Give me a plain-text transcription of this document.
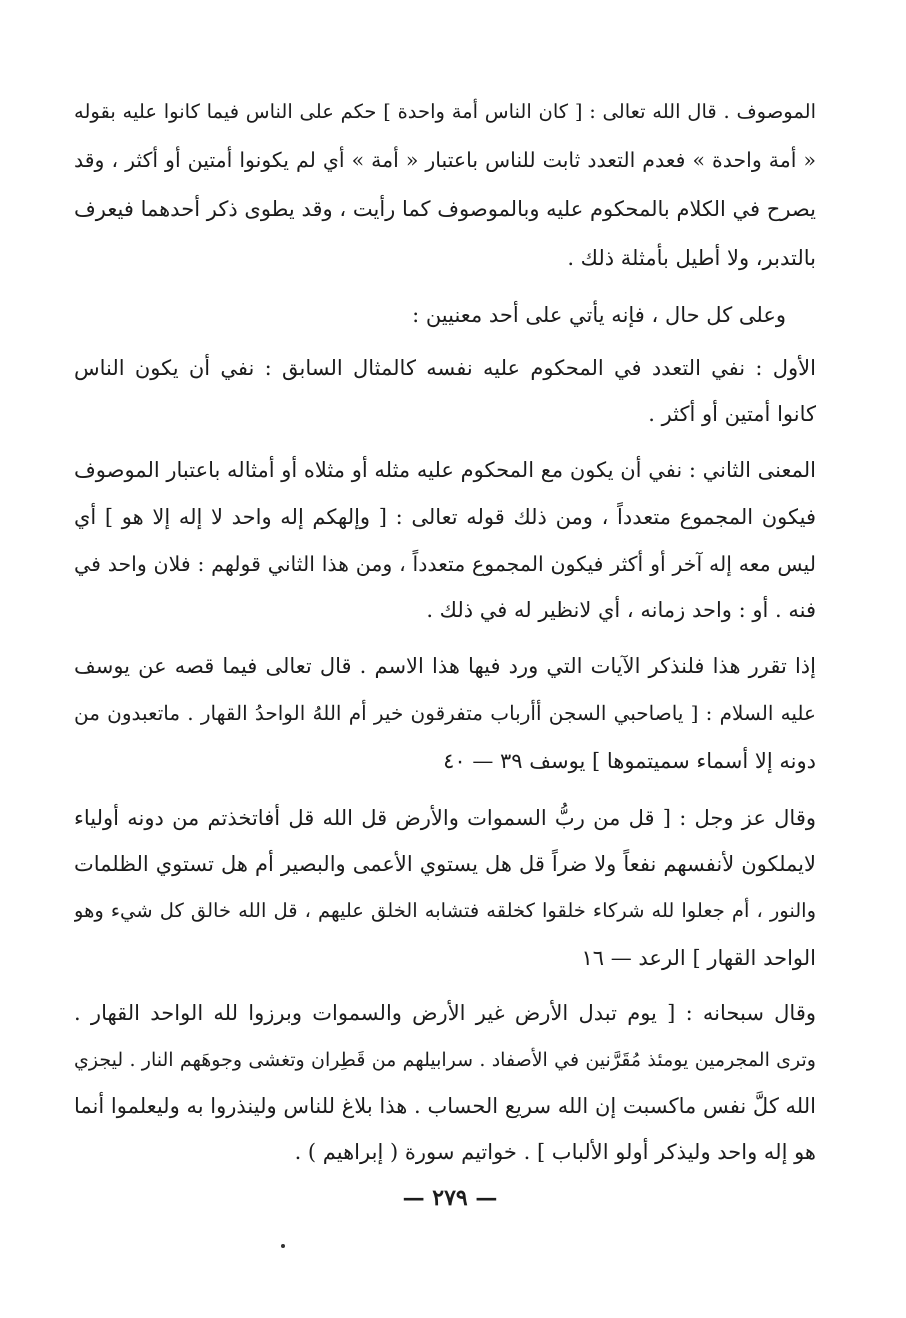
الموصوف . قال الله تعالى : [ كان الناس أمة واحدة ] حكم على الناس فيما كانوا عليه بقوله
« أمة واحدة » فعدم التعدد ثابت للناس باعتبار « أمة » أي لم يكونوا أمتين أو أكثر ، وقد
يصرح في الكلام بالمحكوم عليه وبالموصوف كما رأيت ، وقد يطوى ذكر أحدهما فيعرف
بالتدبر، ولا أطيل بأمثلة ذلك .
وعلى كل حال ، فإنه يأتي على أحد معنيين :
الأول : نفي التعدد في المحكوم عليه نفسه كالمثال السابق : نفي أن يكون الناس
كانوا أمتين أو أكثر .
المعنى الثاني : نفي أن يكون مع المحكوم عليه مثله أو مثلاه أو أمثاله باعتبار الموصوف
فيكون المجموع متعدداً ، ومن ذلك قوله تعالى : [ وإلهكم إله واحد لا إله إلا هو ] أي
ليس معه إله آخر أو أكثر فيكون المجموع متعدداً ، ومن هذا الثاني قولهم : فلان واحد في
فنه . أو : واحد زمانه ، أي لانظير له في ذلك .
إذا تقرر هذا فلنذكر الآيات التي ورد فيها هذا الاسم . قال تعالى فيما قصه عن يوسف
عليه السلام : [ ياصاحبي السجن أأرباب متفرقون خير أم اللهُ الواحدُ القهار . ماتعبدون من
دونه إلا أسماء سميتموها ] يوسف ٣٩ — ٤٠
وقال عز وجل : [ قل من ربُّ السموات والأرض قل الله قل أفاتخذتم من دونه أولياء
لايملكون لأنفسهم نفعاً ولا ضراً قل هل يستوي الأعمى والبصير أم هل تستوي الظلمات
والنور ، أم جعلوا لله شركاء خلقوا كخلقه فتشابه الخلق عليهم ، قل الله خالق كل شيء وهو
الواحد القهار ] الرعد — ١٦
وقال سبحانه : [ يوم تبدل الأرض غير الأرض والسموات وبرزوا لله الواحد القهار .
وترى المجرمين يومئذ مُقَرَّنين في الأصفاد . سرابيلهم من قَطِران وتغشى وجوهَهم النار . ليجزي
الله كلَّ نفس ماكسبت إن الله سريع الحساب . هذا بلاغ للناس ولينذروا به وليعلموا أنما
هو إله واحد وليذكر أولو الألباب ] . خواتيم سورة ( إبراهيم ) .
— ٢٧٩ —
